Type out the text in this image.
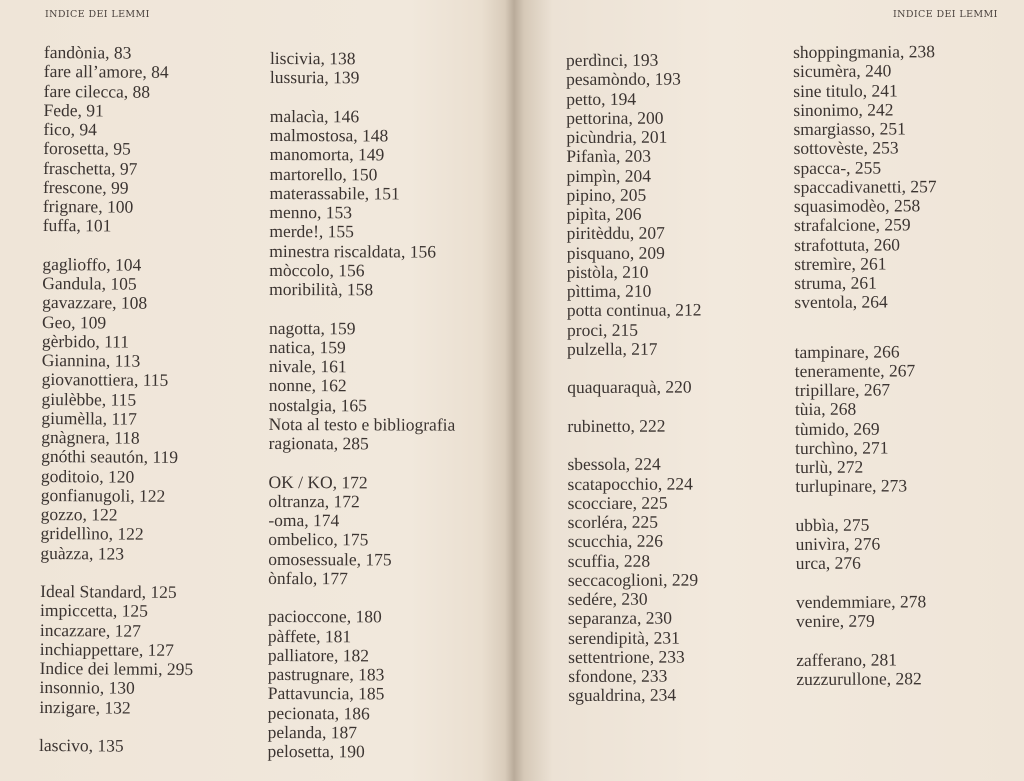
INDICE DEI LEMMI	INDICE DEI LEMMI
fandònia, 83
fare all’amore, 84
fare cilecca, 88
Fede, 91
fico, 94
forosetta, 95
fraschetta, 97
frescone, 99
frignare, 100
fuffa, 101
gaglioffo, 104
Gandula, 105
gavazzare, 108
Geo, 109
gèrbido, 111
Giannina, 113
giovanottiera, 115
giulèbbe, 115
giumèlla, 117
gnàgnera, 118
gnóthi seautón, 119
goditoio, 120
gonfianugoli, 122
gozzo, 122
gridellìno, 122
guàzza, 123
Ideal Standard, 125
impiccetta, 125
incazzare, 127
inchiappettare, 127
Indice dei lemmi, 295
insonnio, 130
inzigare, 132
lascivo, 135
liscivia, 138
lussuria, 139
malacìa, 146
malmostosa, 148
manomorta, 149
martorello, 150
materassabile, 151
menno, 153
merde!, 155
minestra riscaldata, 156
mòccolo, 156
moribilità, 158
nagotta, 159
natica, 159
nivale, 161
nonne, 162
nostalgia, 165
Nota al testo e bibliografia
ragionata, 285
OK / KO, 172
oltranza, 172
-oma, 174
ombelico, 175
omosessuale, 175
ònfalo, 177
pacioccone, 180
pàffete, 181
palliatore, 182
pastrugnare, 183
Pattavuncia, 185
pecionata, 186
pelanda, 187
pelosetta, 190
perdìnci, 193
pesamòndo, 193
petto, 194
pettorina, 200
picùndria, 201
Pifanìa, 203
pimpìn, 204
pipino, 205
pipìta, 206
piritèddu, 207
pisquano, 209
pistòla, 210
pìttima, 210
potta continua, 212
proci, 215
pulzella, 217
quaquaraquà, 220
rubinetto, 222
sbessola, 224
scatapocchio, 224
scocciare, 225
scorléra, 225
scucchia, 226
scuffia, 228
seccacoglioni, 229
sedére, 230
separanza, 230
serendipità, 231
settentrione, 233
sfondone, 233
sgualdrina, 234
shoppingmania, 238
sicumèra, 240
sine titulo, 241
sinonimo, 242
smargiasso, 251
sottovèste, 253
spacca-, 255
spaccadivanetti, 257
squasimodèo, 258
strafalcione, 259
strafottuta, 260
stremìre, 261
struma, 261
sventola, 264
tampinare, 266
teneramente, 267
tripillare, 267
tùia, 268
tùmido, 269
turchìno, 271
turlù, 272
turlupinare, 273
ubbìa, 275
univìra, 276
urca, 276
vendemmiare, 278
venire, 279
zafferano, 281
zuzzurullone, 282
